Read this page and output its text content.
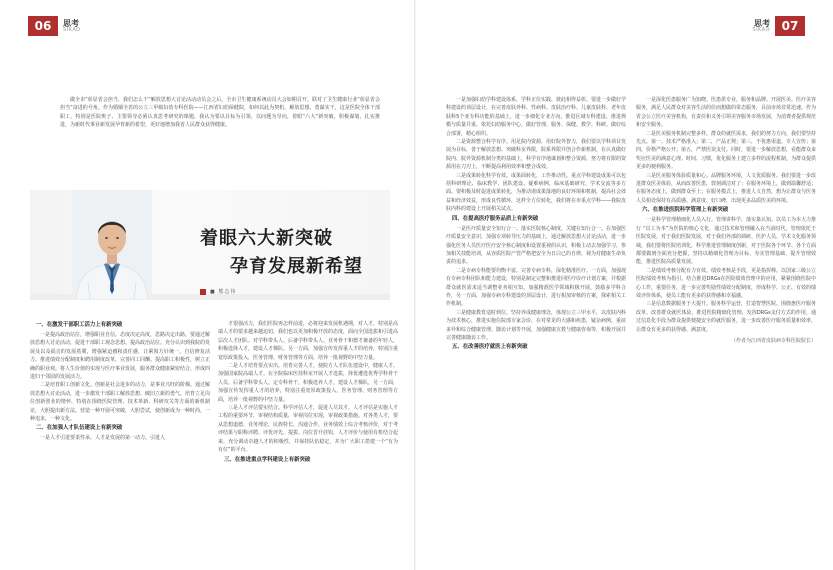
06	思考
SIKAO

做全市“彰显省会担当，我们怎么干”解放思想大讨论活动动员会之后，全市卫生健康系统动员大会如期召开。联对了卫生健康行业“彰显省会担当”奋进的号角。作为婚姻全省的公立三甲级妇幼专科医院——江西省妇幼保健院，如何以此为契机，解放思想、勇谋实干，这是医院全体干部职工，特别是医院班子、主要领导必须认真思考研究的课题。我认为要以目标为引领，以问题为导向，着眼“六大”新突破，积极谋划，扎实推进，为新时代事业新发展孕育新的希望，更好地增加我省人民群众获得健康。

着眼六大新突破
孕育发展新希望
■ 熊志伟
一、在激发干部职工活力上有新突破

一是提高政治站位，增强职业自信。态度决定高度，思路决定出路。要通过解放思想大讨论活动，促进干部职工观念思想、提高政治站位。充分认识到我院的发展及以及福音的发展希冀，增强紧迫感和责任感，让紧围方针统一，自信修复活力。推进绩效分配制度和聘用制度改革，完善同工同酬。提高职工积极性，树立正确的职业观。将人生价值的实现与医疗事业发展，服务群众健康紧密结合，形成四进归于邻园的发展活力。

二是培育职工创新文化。创新是社会进步的动力，是事业兴旺的阶梯。通过解放思想大讨论活动，进一步激发干部职工解放思想、破旧立新的勇气，培育立足岗位创新创业的情怀，特别在围绕医院管理、技术革新、科研攻关等方面的新机制论，大胆提出新方法。营造一种开展可突破，大胆尝试，使创新成为一种时尚，一种追求，一种文化。

二、在加强人才队伍建设上有新突破

一是人才引进要柔性承。人才是发展的第一动力。引进人

才很强活力，我们医院再怎样前进，必将迎来发展机遇期，对人才，特别是高端人才的要求越来越迫切，我们也以更加积极开放的态度，面向全国选拔和引进高层次人才团队。对学科带头人、后备学科带头人、业务骨干和德才兼备的年轻人，积极选择人才，建设人才梯队。另一方面，加强宣传发挥重人才的培养，特别注重宽厚政策投入，医务管理、财务管理等方面，培养一批视野的中坚力量。

二是人才培育要点实出。培育完善人才，使院方人才队伍建设中，健康人才、加强国家院高端人才。在全院临床医技科室开展人才选拔，择优遴选优秀学科骨干人员。后备学科带头人。定专科骨干，积极选养人才，建设人才梯队，另一方面，加强宣传发挥重人才的培养，特别注重宽厚政策投入，医务管理、财务管理等方面，培养一批视野的中坚力量。

三是人才评估要实结合。科学评估人才，促进人尽其才。人才评估是实施人才工程的重要环节，审视结构质量，审视岗位实现，审视政策措施。对各类人才，要从思想道德、业务理论、民族特长、沟通合作、业务绩效上综合考核评价，对于考评结果与职称评聘、评优评先、提拔、岗位晋升挂钩，人才评价与使用有机结合起来，充分调动卓越人才的积极性，并保持队伍稳定，并为广大职工搭建一个“有为有位”的平台。

三、在推进重点学科建设上有新突破
07
思考
SIKAO

一是加强妇幼学科建设体系，学科正位实践、彼此相得益彰。要进一步做好学科建设的顶层设计，在完善皮肤外科、性病科、皮肤治疗科、儿童皮肤科、老年皮肤科5个亚专科功能的基础上，进一步细化专业方向，推进区域专科建设，推进规模与质量并重。依托妇幼服务中心，做好管理、服务、保健、教学、科研。做好综合部署，精心组织。

二是资源整合科学有序。用足院内资源，用好院外智力，我们要以学科项目发展为目标，善于解放思想、突破科室界限，院系界限并创合作新机制，在认真做好院内、院外资源机制分类的基础上，科学有序地谋划和整合资源，努力将有限的资源用在刀刃上，不断提高利用效率和整合成效。

三是成果转化科学有效。成果面转化，工作推动性。重点学科建设成果可以包括科研理论、临床教学、团队建设、疑难病例、临床基础研究、学术交流等多方面。要积极及时促进成果转化，为推动诸成果落地的良好环境和机制，提高社会效益和经济效益，形成良性循环，这样全方位转化，我们将在市重点学科——我院皮肤内科的建设上开展相关试点。

四、在提高医疗服务品质上有新突破

一是医疗质量安全知行合一。落实医院核心制度，关键在知行合一。在加强医疗质量安全意识，加强专项转导压力的基础上，通过解放思想大讨论活动，进一步强化医务人员医疗医疗安全核心制度和设置重视的认识，积极主动去加强学习，参加相关技能培训，从容质医院产管严格把安全为日白已的自律，视为对健康生命负责的追求。

二是专病专科能要均衡丰富。完善专病专科，深化精准医疗。一方面，加强现有专病专科团队和能力建设，特别是制定完整和推进同医疗诊疗计划方案，并根据群众就医需求适当调整业务相互知，加强精准医学领域积极开展，鼓励多学科合作，另一方面，加强专病专科建设的顶层设计，进行相加审核的方案，探索相关工作机制。

三是健康教育适时到位。坚持养成健康理念，体现公立三甲水平，以皮肤内科为技术核心，推进实施住院部专家会诊，在对常见的大感和疾患，疑杂病例，重症多异和综合健康管理、随访计划等开展，加强健康宣教与健康咨询等，积极开展并完善健康随访工作。

五、在改善医疗就医上有新突破

一是深化医患服务广为知晓。医患供专业，服务和品牌。开展医美、医疗美容服务，满足人民群众对美容生活的任而想做的常态服务，目前市场非常迅速。作为省会公立医疗美容机构，有责任和义务引领美容服务市场发展，为消费者提供规范和安全服务。

二是医美服务机制完整多样。群众的就医需求，我们的努力方向，我们要坚持先点、第一、技术严格准入；第二，产品正规；第三，不优惠渠道、专人宣传；第四，价格严格公开；第五，严禁医误支付。同时，要进一步解放思想，看能群众来奖应医美的满意心理。时间、习惯，优化服务上建立多样的流程机制，为群众提供更多的便利服务。

三是医美服务体验质量和心。品牌服务环境，人文优质服务。我们要进一步改进群众医美体验，从而改善医患，敦刻调洁对了：在服务环境上，做到温馨舒适；在服务态度上，做到群众至上；在服务模式上，推进人文自然，想为让群众与医务人员相处保持有高质感、满意度、好口碑，出现更多品质医美的环境。

六、在推进医院科学管理上有新突破

一是科学管理精细化人员入行。管理讲科学，落实靠认知。以员工为本大力推行 “员工为本”为医院的核心文化，通过技术和管理融入在当前时代，管理依托于医院发展，对于我们医院发展，对于我们外部的调研、医护人员、学术文化服务领域，我们要将医院培训化，科学推进管理制度创新，对于医院各个环节、各个方面都要做到全面充分把握，坚持以精细化管理为目标，夯实管理基础，提升管理效能，推进医院高质量发展。

二是绩效考核分配有力有效。绩效考核是手段，更是指挥棒。以国家三级公立医院绩效考核为指引，结合推进DRGs在医院绩效管理中的应用，紧紧围绕医院中心工作，重要任务，进一步完善奖励性绩效分配制度，形成科学、公正、有效的绩效评价体系，使员工能有更多的获得感和幸福感。

三是信息数据服务于大提升。服务科学运营，打造智慧医院。围绕惠医疗服务改革，改善群众就医体验，推进医院精细化管理，发挥DRGs支付方式的作用，通过信息化手段为群众提供便捷安全的就医服务，进一步改善医疗服务质量和效率，让群众有更多的获得感、满意度。

（作者为江西省皮肤病专科医院院长）
